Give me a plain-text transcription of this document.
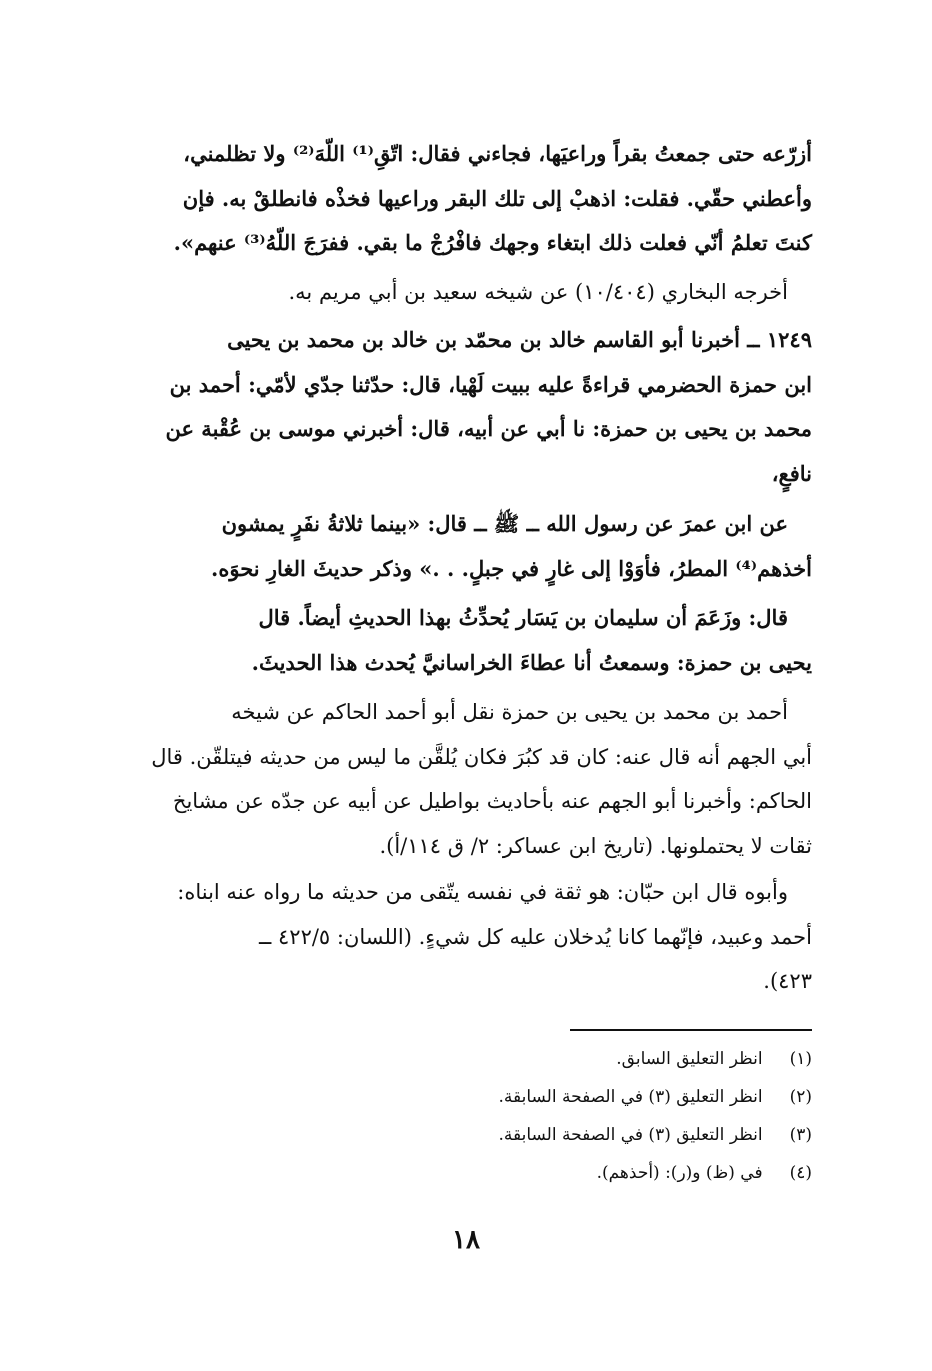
أزرّعه حتى جمعتُ بقراً وراعيَها، فجاءني فقال: اتّقِ⁽¹⁾ اللّهَ⁽²⁾ ولا تظلمني،
وأعطني حقّي. فقلت: اذهبْ إلى تلك البقر وراعيها فخذْه فانطلقْ به. فإن
كنتَ تعلمُ أنّي فعلت ذلك ابتغاء وجهك فافْرُجْ ما بقي. ففرَجَ اللّهُ⁽³⁾ عنهم».
أخرجه البخاري (١٠/٤٠٤) عن شيخه سعيد بن أبي مريم به.
١٢٤٩ ــ أخبرنا أبو القاسم خالد بن محمّد بن خالد بن محمد بن يحيى
ابن حمزة الحضرمي قراءةً عليه ببيت لَهْيا، قال: حدّثنا جدّي لأمّي: أحمد بن
محمد بن يحيى بن حمزة: نا أبي عن أبيه، قال: أخبرني موسى بن عُقْبة عن
نافعٍ،
عن ابن عمرَ عن رسول الله ــ ﷺ ــ قال: «بينما ثلاثةُ نفَرٍ يمشون
أخذهم⁽⁴⁾ المطرُ، فأوَوْا إلى غارٍ في جبلٍ. . .» وذكر حديثَ الغارِ نحوَه.
قال: وزَعَمَ أن سليمان بن يَسَار يُحدِّثُ بهذا الحديثِ أيضاً. قال
يحيى بن حمزة: وسمعتُ أنا عطاءَ الخراسانيَّ يُحدث هذا الحديثَ.
أحمد بن محمد بن يحيى بن حمزة نقل أبو أحمد الحاكم عن شيخه
أبي الجهم أنه قال عنه: كان قد كبُرَ فكان يُلقَّن ما ليس من حديثه فيتلقّن. قال
الحاكم: وأخبرنا أبو الجهم عنه بأحاديث بواطيل عن أبيه عن جدّه عن مشايخ
ثقات لا يحتملونها. (تاريخ ابن عساكر: ٢/ ق ١١٤/أ).
وأبوه قال ابن حبّان: هو ثقة في نفسه يتّقى من حديثه ما رواه عنه ابناه:
أحمد وعبيد، فإنّهما كانا يُدخلان عليه كل شيءٍ. (اللسان: ٤٢٢/٥ ــ
٤٢٣).
(١) انظر التعليق السابق.
(٢) انظر التعليق (٣) في الصفحة السابقة.
(٣) انظر التعليق (٣) في الصفحة السابقة.
(٤) في (ظ) و(ر): (أحذهم).
١٨
